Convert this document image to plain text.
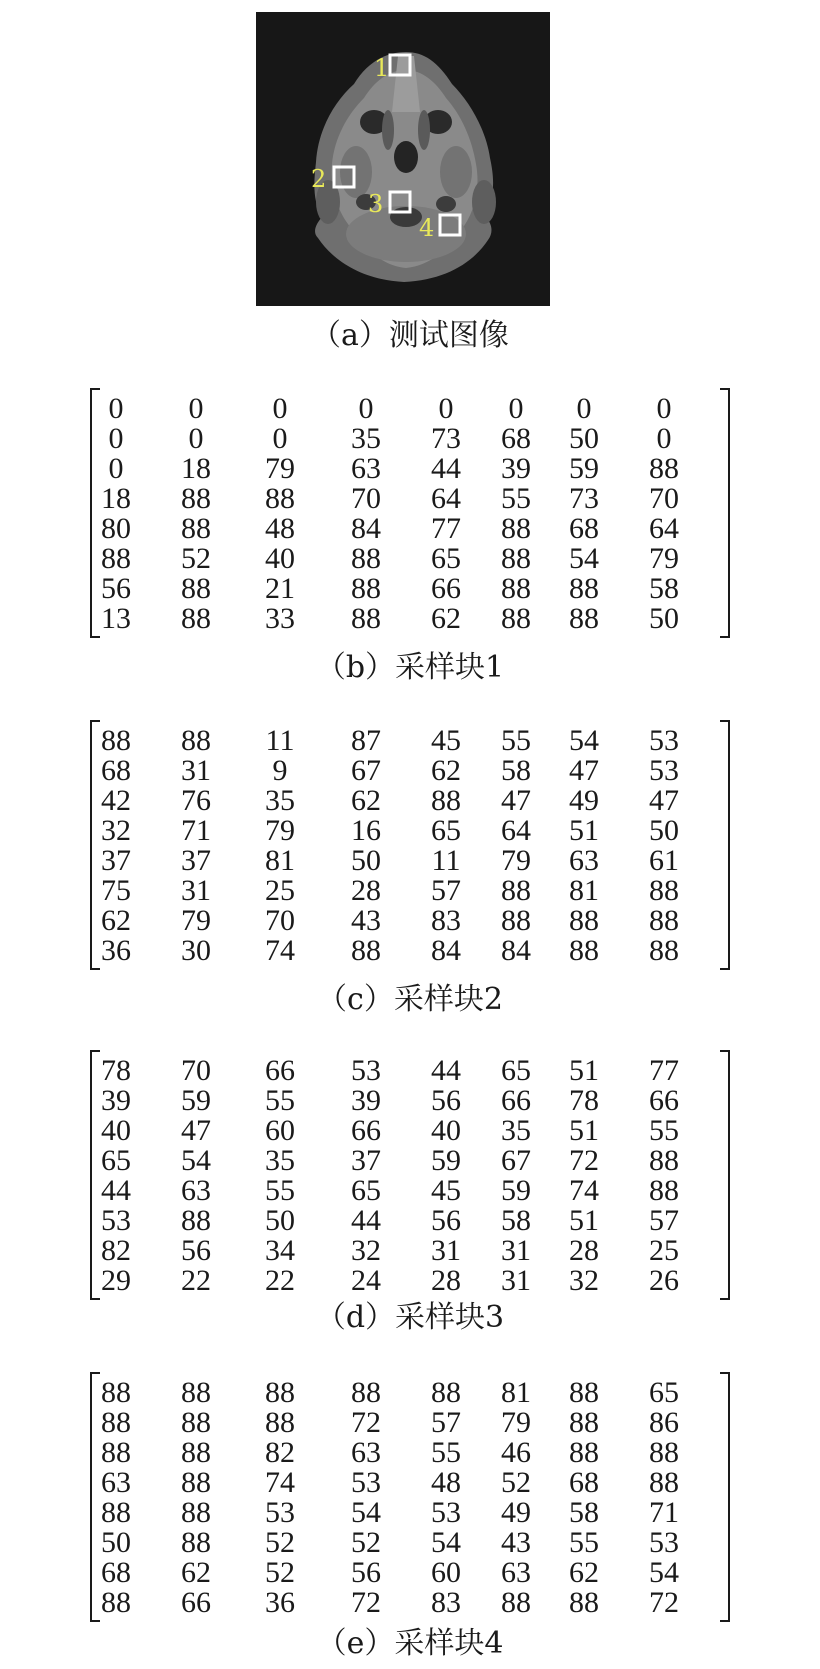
1
2
3
4
（a）测试图像
0 0 0 0 0 0 0 0
0 0 0 35 73 68 50 0
0 18 79 63 44 39 59 88
18 88 88 70 64 55 73 70
80 88 48 84 77 88 68 64
88 52 40 88 65 88 54 79
56 88 21 88 66 88 88 58
13 88 33 88 62 88 88 50
（b）采样块1
88 88 11 87 45 55 54 53
68 31 9 67 62 58 47 53
42 76 35 62 88 47 49 47
32 71 79 16 65 64 51 50
37 37 81 50 11 79 63 61
75 31 25 28 57 88 81 88
62 79 70 43 83 88 88 88
36 30 74 88 84 84 88 88
（c）采样块2
78 70 66 53 44 65 51 77
39 59 55 39 56 66 78 66
40 47 60 66 40 35 51 55
65 54 35 37 59 67 72 88
44 63 55 65 45 59 74 88
53 88 50 44 56 58 51 57
82 56 34 32 31 31 28 25
29 22 22 24 28 31 32 26
（d）采样块3
88 88 88 88 88 81 88 65
88 88 88 72 57 79 88 86
88 88 82 63 55 46 88 88
63 88 74 53 48 52 68 88
88 88 53 54 53 49 58 71
50 88 52 52 54 43 55 53
68 62 52 56 60 63 62 54
88 66 36 72 83 88 88 72
（e）采样块4
